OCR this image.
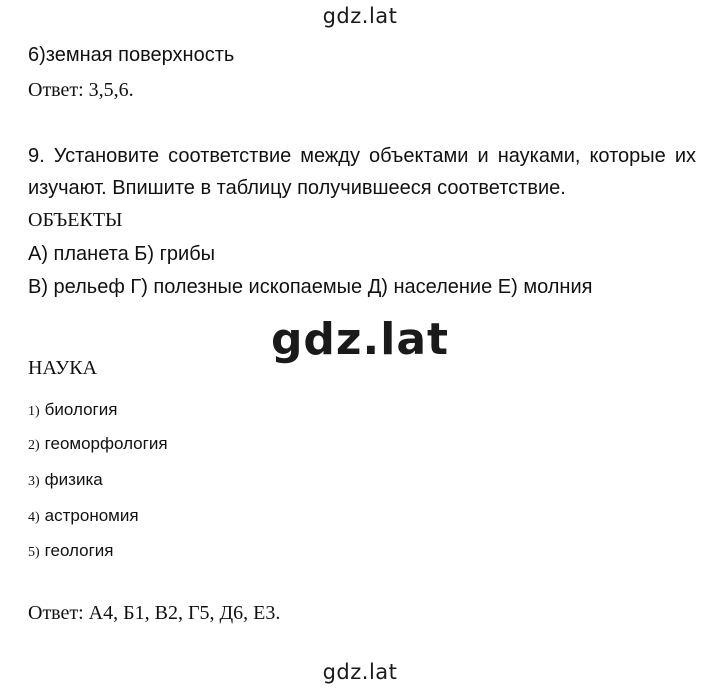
gdz.lat
6)земная поверхность
Ответ: 3,5,6.
9. Установите соответствие между объектами и науками, которые их
изучают. Впишите в таблицу получившееся соответствие.
ОБЪЕКТЫ
А) планета Б) грибы
В) рельеф Г) полезные ископаемые Д) население Е) молния
gdz.lat
НАУКА
1) биология
2) геоморфология
3) физика
4) астрономия
5) геология
Ответ: А4, Б1, В2, Г5, Д6, Е3.
gdz.lat
